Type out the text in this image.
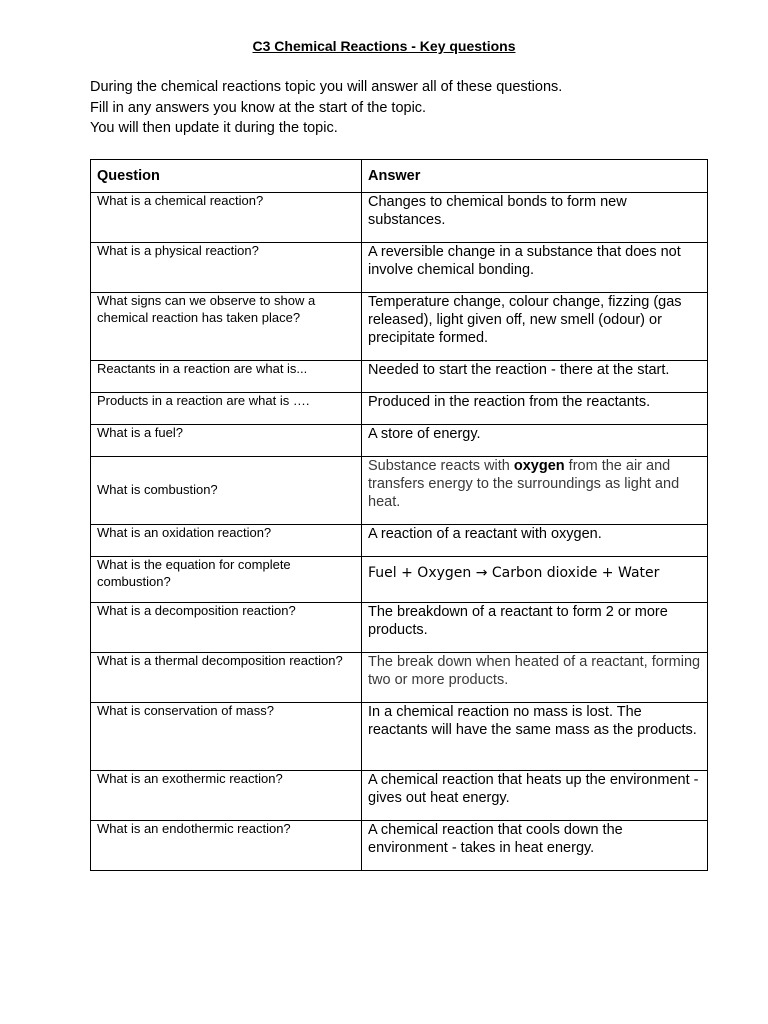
C3 Chemical Reactions - Key questions

During the chemical reactions topic you will answer all of these questions.

Fill in any answers you know at the start of the topic.

You will then update it during the topic.

Question	Answer
What is a chemical reaction?	Changes to chemical bonds to form new substances.
What is a physical reaction?	A reversible change in a substance that does not involve chemical bonding.
What signs can we observe to show a chemical reaction has taken place?	Temperature change, colour change, fizzing (gas released), light given off, new smell (odour) or precipitate formed.
Reactants in a reaction are what is...	Needed to start the reaction - there at the start.
Products in a reaction are what is ….	Produced in the reaction from the reactants.
What is a fuel?	A store of energy.
What is combustion?	Substance reacts with oxygen from the air and transfers energy to the surroundings as light and heat.
What is an oxidation reaction?	A reaction of a reactant with oxygen.
What is the equation for complete combustion?	Fuel + Oxygen → Carbon dioxide + Water
What is a decomposition reaction?	The breakdown of a reactant to form 2 or more products.
What is a thermal decomposition reaction?	The break down when heated of a reactant, forming two or more products.
What is conservation of mass?	In a chemical reaction no mass is lost. The reactants will have the same mass as the products.
What is an exothermic reaction?	A chemical reaction that heats up the environment - gives out heat energy.
What is an endothermic reaction?	A chemical reaction that cools down the environment - takes in heat energy.
